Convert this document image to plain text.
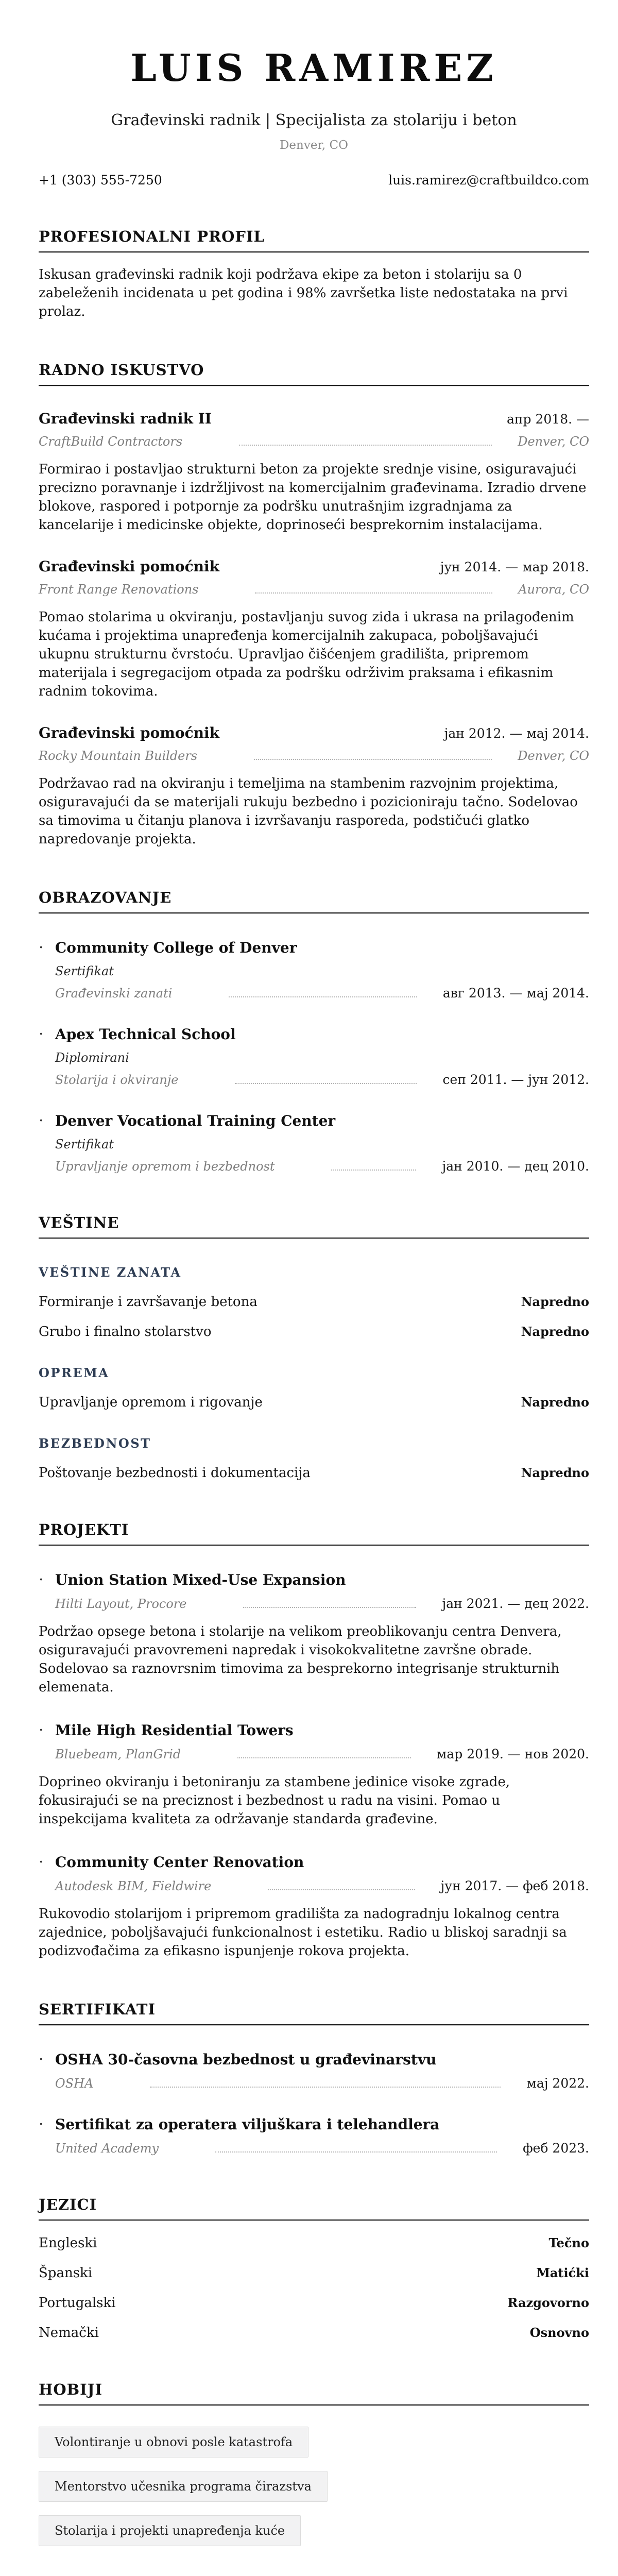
LUIS RAMIREZ
Građevinski radnik | Specijalista za stolariju i beton
Denver, CO
+1 (303) 555-7250	luis.ramirez@craftbuildco.com
PROFESIONALNI PROFIL

Iskusan građevinski radnik koji podržava ekipe za beton i stolariju sa 0 zabeleženih incidenata u pet godina i 98% završetka liste nedostataka na prvi prolaz.

RADNO ISKUSTVO
Građevinski radnik II	апр 2018. —
CraftBuild Contractors	Denver, CO

Formirao i postavljao strukturni beton za projekte srednje visine, osiguravajući precizno poravnanje i izdržljivost na komercijalnim građevinama. Izradio drvene blokove, raspored i potpornje za podršku unutrašnjim izgradnjama za kancelarije i medicinske objekte, doprinoseći besprekornim instalacijama.

Građevinski pomoćnik	јун 2014. — мар 2018.
Front Range Renovations	Aurora, CO

Pomao stolarima u okviranju, postavljanju suvog zida i ukrasa na prilagođenim kućama i projektima unapređenja komercijalnih zakupaca, poboljšavajući ukupnu strukturnu čvrstoću. Upravljao čišćenjem gradilišta, pripremom materijala i segregacijom otpada za podršku održivim praksama i efikasnim radnim tokovima.

Građevinski pomoćnik	јан 2012. — мај 2014.
Rocky Mountain Builders	Denver, CO

Podržavao rad na okviranju i temeljima na stambenim razvojnim projektima, osiguravajući da se materijali rukuju bezbedno i pozicioniraju tačno. Sodelovao sa timovima u čitanju planova i izvršavanju rasporeda, podstičući glatko napredovanje projekta.

OBRAZOVANJE
· Community College of Denver
Sertifikat
Građevinski zanati	авг 2013. — мај 2014.
· Apex Technical School
Diplomirani
Stolarija i okviranje	сеп 2011. — јун 2012.
· Denver Vocational Training Center
Sertifikat
Upravljanje opremom i bezbednost	јан 2010. — дец 2010.
VEŠTINE
VEŠTINE ZANATA
Formiranje i završavanje betona	Napredno
Grubo i finalno stolarstvo	Napredno
OPREMA
Upravljanje opremom i rigovanje	Napredno
BEZBEDNOST
Poštovanje bezbednosti i dokumentacija	Napredno
PROJEKTI
· Union Station Mixed-Use Expansion
Hilti Layout, Procore	јан 2021. — дец 2022.

Podržao opsege betona i stolarije na velikom preoblikovanju centra Denvera, osiguravajući pravovremeni napredak i visokokvalitetne završne obrade. Sodelovao sa raznovrsnim timovima za besprekorno integrisanje strukturnih elemenata.

· Mile High Residential Towers
Bluebeam, PlanGrid	мар 2019. — нов 2020.

Doprineo okviranju i betoniranju za stambene jedinice visoke zgrade, fokusirajući se na preciznost i bezbednost u radu na visini. Pomao u inspekcijama kvaliteta za održavanje standarda građevine.

· Community Center Renovation
Autodesk BIM, Fieldwire	јун 2017. — феб 2018.

Rukovodio stolarijom i pripremom gradilišta za nadogradnju lokalnog centra zajednice, poboljšavajući funkcionalnost i estetiku. Radio u bliskoj saradnji sa podizvođačima za efikasno ispunjenje rokova projekta.

SERTIFIKATI
· OSHA 30-časovna bezbednost u građevinarstvu
OSHA	мај 2022.
· Sertifikat za operatera viljuškara i telehandlera
United Academy	феб 2023.
JEZICI
Engleski	Tečno
Španski	Matićki
Portugalski	Razgovorno
Nemački	Osnovno
HOBIJI
Volontiranje u obnovi posle katastrofa
Mentorstvo učesnika programa čirazstva
Stolarija i projekti unapređenja kuće
